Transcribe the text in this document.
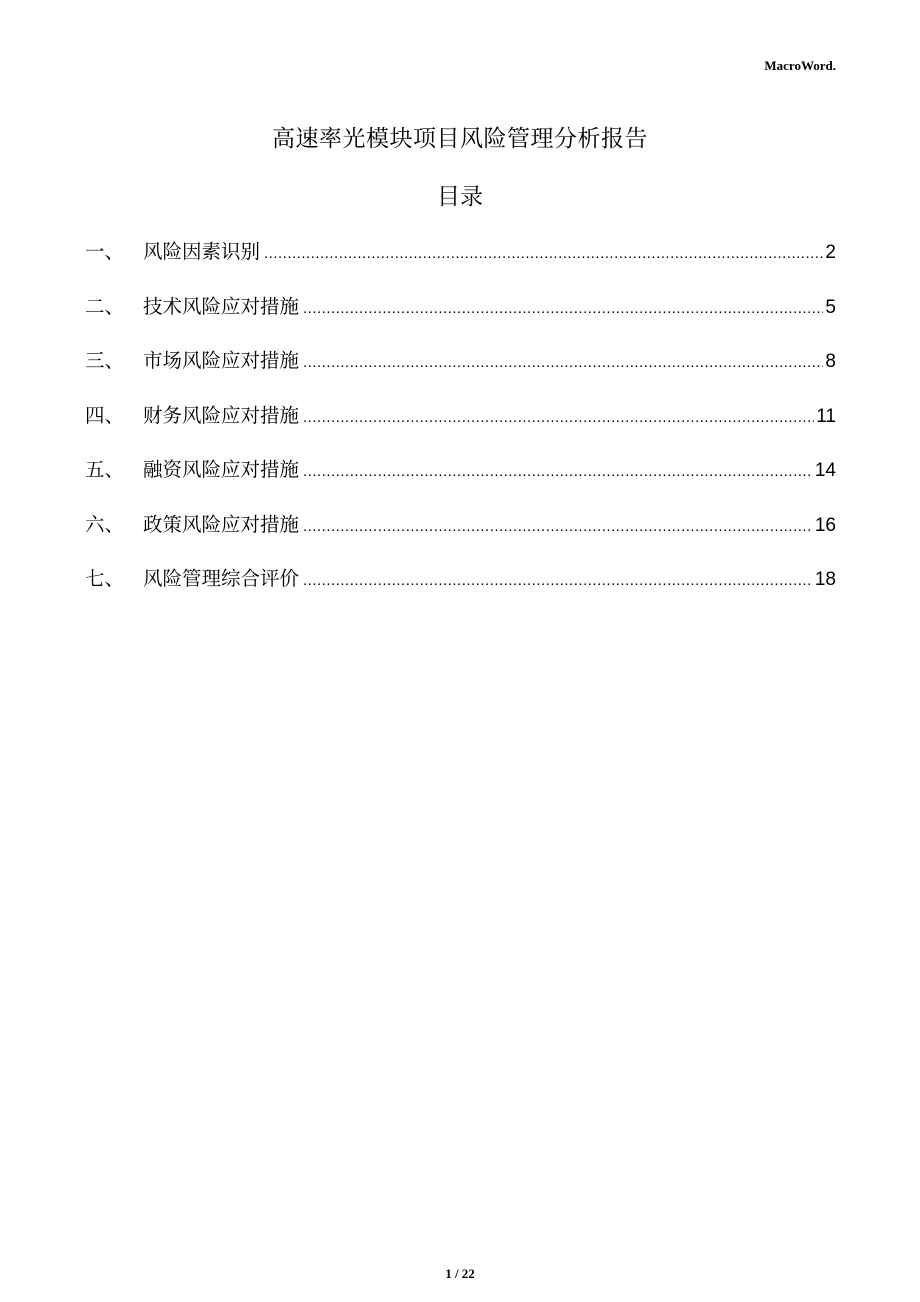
MacroWord.
高速率光模块项目风险管理分析报告
目录
一、 风险因素识别 .....	2
二、 技术风险应对措施 .....	5
三、 市场风险应对措施 .....	8
四、 财务风险应对措施 .....	11
五、 融资风险应对措施 .....	14
六、 政策风险应对措施 .....	16
七、 风险管理综合评价 .....	18
1 / 22
